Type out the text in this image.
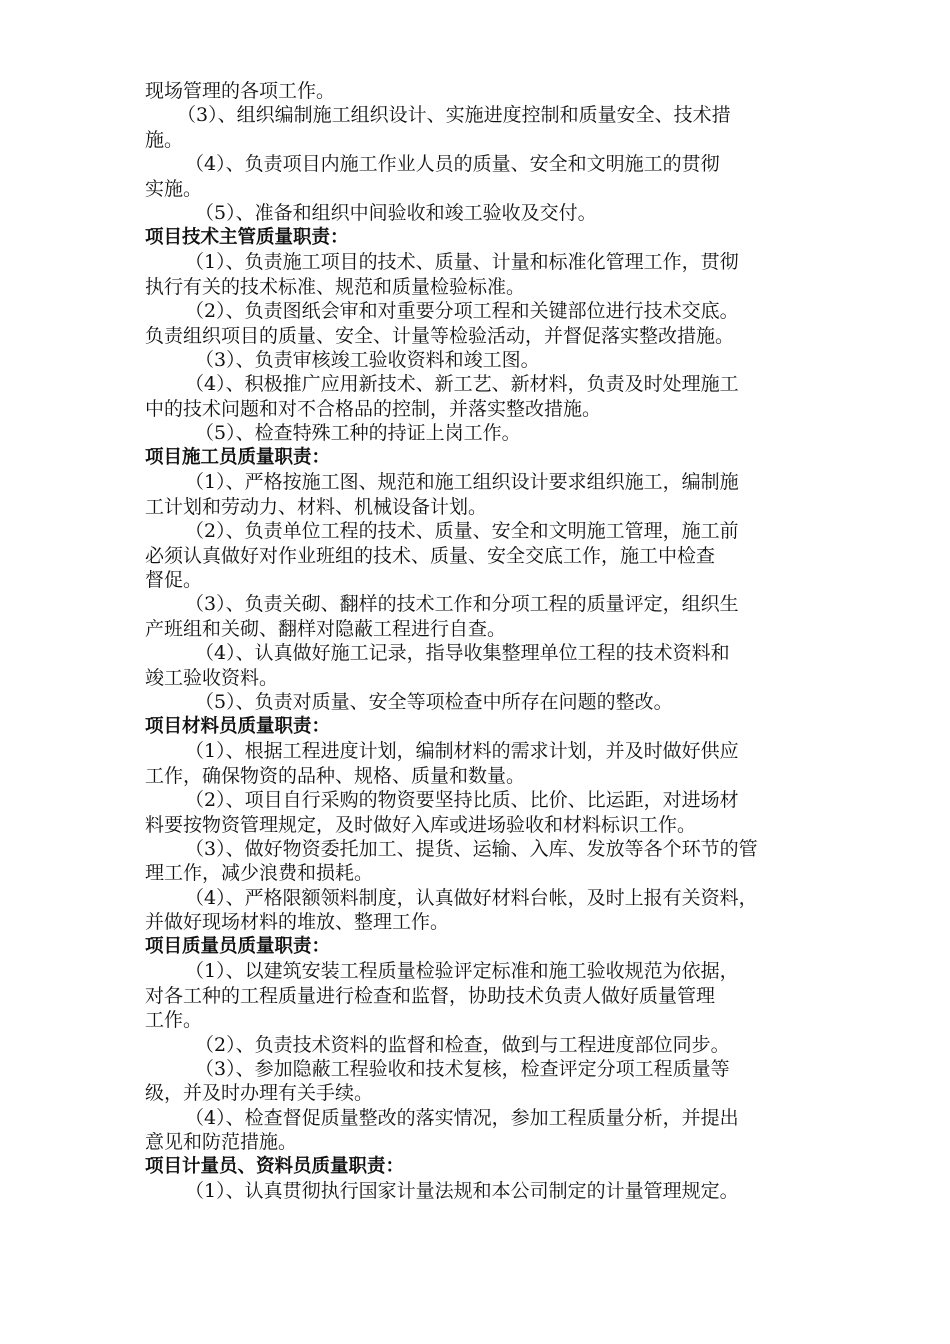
现场管理的各项工作。
（3）、组织编制施工组织设计、实施进度控制和质量安全、技术措
施。
（4）、负责项目内施工作业人员的质量、安全和文明施工的贯彻
实施。
（5）、准备和组织中间验收和竣工验收及交付。
项目技术主管质量职责：
（1）、负责施工项目的技术、质量、计量和标准化管理工作，贯彻
执行有关的技术标准、规范和质量检验标准。
（2）、负责图纸会审和对重要分项工程和关键部位进行技术交底。
负责组织项目的质量、安全、计量等检验活动，并督促落实整改措施。
（3）、负责审核竣工验收资料和竣工图。
（4）、积极推广应用新技术、新工艺、新材料，负责及时处理施工
中的技术问题和对不合格品的控制，并落实整改措施。
（5）、检查特殊工种的持证上岗工作。
项目施工员质量职责：
（1）、严格按施工图、规范和施工组织设计要求组织施工，编制施
工计划和劳动力、材料、机械设备计划。
（2）、负责单位工程的技术、质量、安全和文明施工管理，施工前
必须认真做好对作业班组的技术、质量、安全交底工作，施工中检查
督促。
（3）、负责关砌、翻样的技术工作和分项工程的质量评定，组织生
产班组和关砌、翻样对隐蔽工程进行自查。
（4）、认真做好施工记录，指导收集整理单位工程的技术资料和
竣工验收资料。
（5）、负责对质量、安全等项检查中所存在问题的整改。
项目材料员质量职责：
（1）、根据工程进度计划，编制材料的需求计划，并及时做好供应
工作，确保物资的品种、规格、质量和数量。
（2）、项目自行采购的物资要坚持比质、比价、比运距，对进场材
料要按物资管理规定，及时做好入库或进场验收和材料标识工作。
（3）、做好物资委托加工、提货、运输、入库、发放等各个环节的管
理工作，减少浪费和损耗。
（4）、严格限额领料制度，认真做好材料台帐，及时上报有关资料，
并做好现场材料的堆放、整理工作。
项目质量员质量职责：
（1）、以建筑安装工程质量检验评定标准和施工验收规范为依据，
对各工种的工程质量进行检查和监督，协助技术负责人做好质量管理
工作。
（2）、负责技术资料的监督和检查，做到与工程进度部位同步。
（3）、参加隐蔽工程验收和技术复核，检查评定分项工程质量等
级，并及时办理有关手续。
（4）、检查督促质量整改的落实情况，参加工程质量分析，并提出
意见和防范措施。
项目计量员、资料员质量职责：
（1）、认真贯彻执行国家计量法规和本公司制定的计量管理规定。
